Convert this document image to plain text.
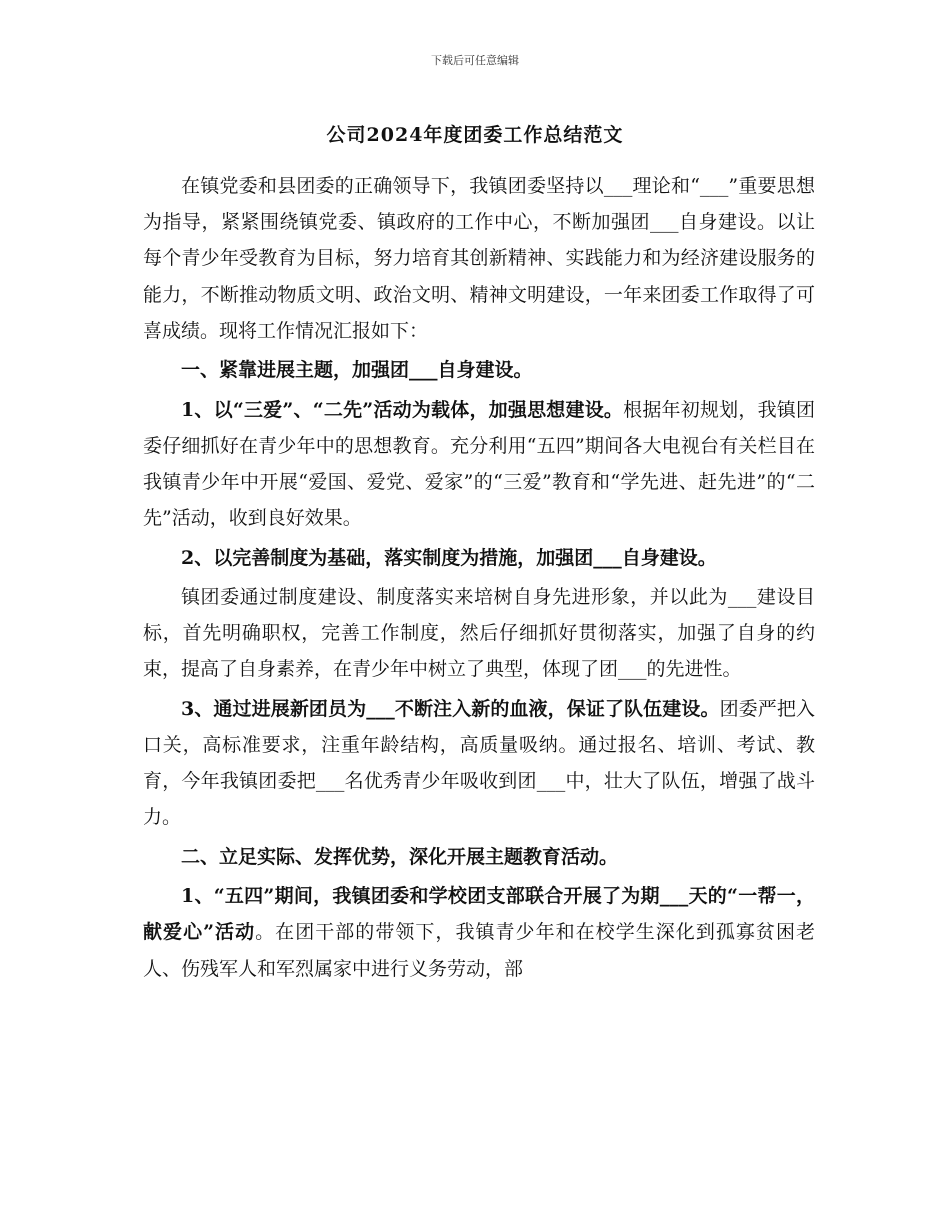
下载后可任意编辑
公司2024年度团委工作总结范文

在镇党委和县团委的正确领导下，我镇团委坚持以___理论和“___”重要思想为指导，紧紧围绕镇党委、镇政府的工作中心，不断加强团___自身建设。以让每个青少年受教育为目标，努力培育其创新精神、实践能力和为经济建设服务的能力，不断推动物质文明、政治文明、精神文明建设，一年来团委工作取得了可喜成绩。现将工作情况汇报如下：

一、紧靠进展主题，加强团___自身建设。

1、以“三爱”、“二先”活动为载体，加强思想建设。根据年初规划，我镇团委仔细抓好在青少年中的思想教育。充分利用“五四”期间各大电视台有关栏目在我镇青少年中开展“爱国、爱党、爱家”的“三爱”教育和“学先进、赶先进”的“二先”活动，收到良好效果。

2、以完善制度为基础，落实制度为措施，加强团___自身建设。

镇团委通过制度建设、制度落实来培树自身先进形象，并以此为___建设目标，首先明确职权，完善工作制度，然后仔细抓好贯彻落实，加强了自身的约束，提高了自身素养，在青少年中树立了典型，体现了团___的先进性。

3、通过进展新团员为___不断注入新的血液，保证了队伍建设。团委严把入口关，高标准要求，注重年龄结构，高质量吸纳。通过报名、培训、考试、教育，今年我镇团委把___名优秀青少年吸收到团___中，壮大了队伍，增强了战斗力。

二、立足实际、发挥优势，深化开展主题教育活动。

1、“五四”期间，我镇团委和学校团支部联合开展了为期___天的“一帮一，献爱心”活动。在团干部的带领下，我镇青少年和在校学生深化到孤寡贫困老人、伤残军人和军烈属家中进行义务劳动，部
